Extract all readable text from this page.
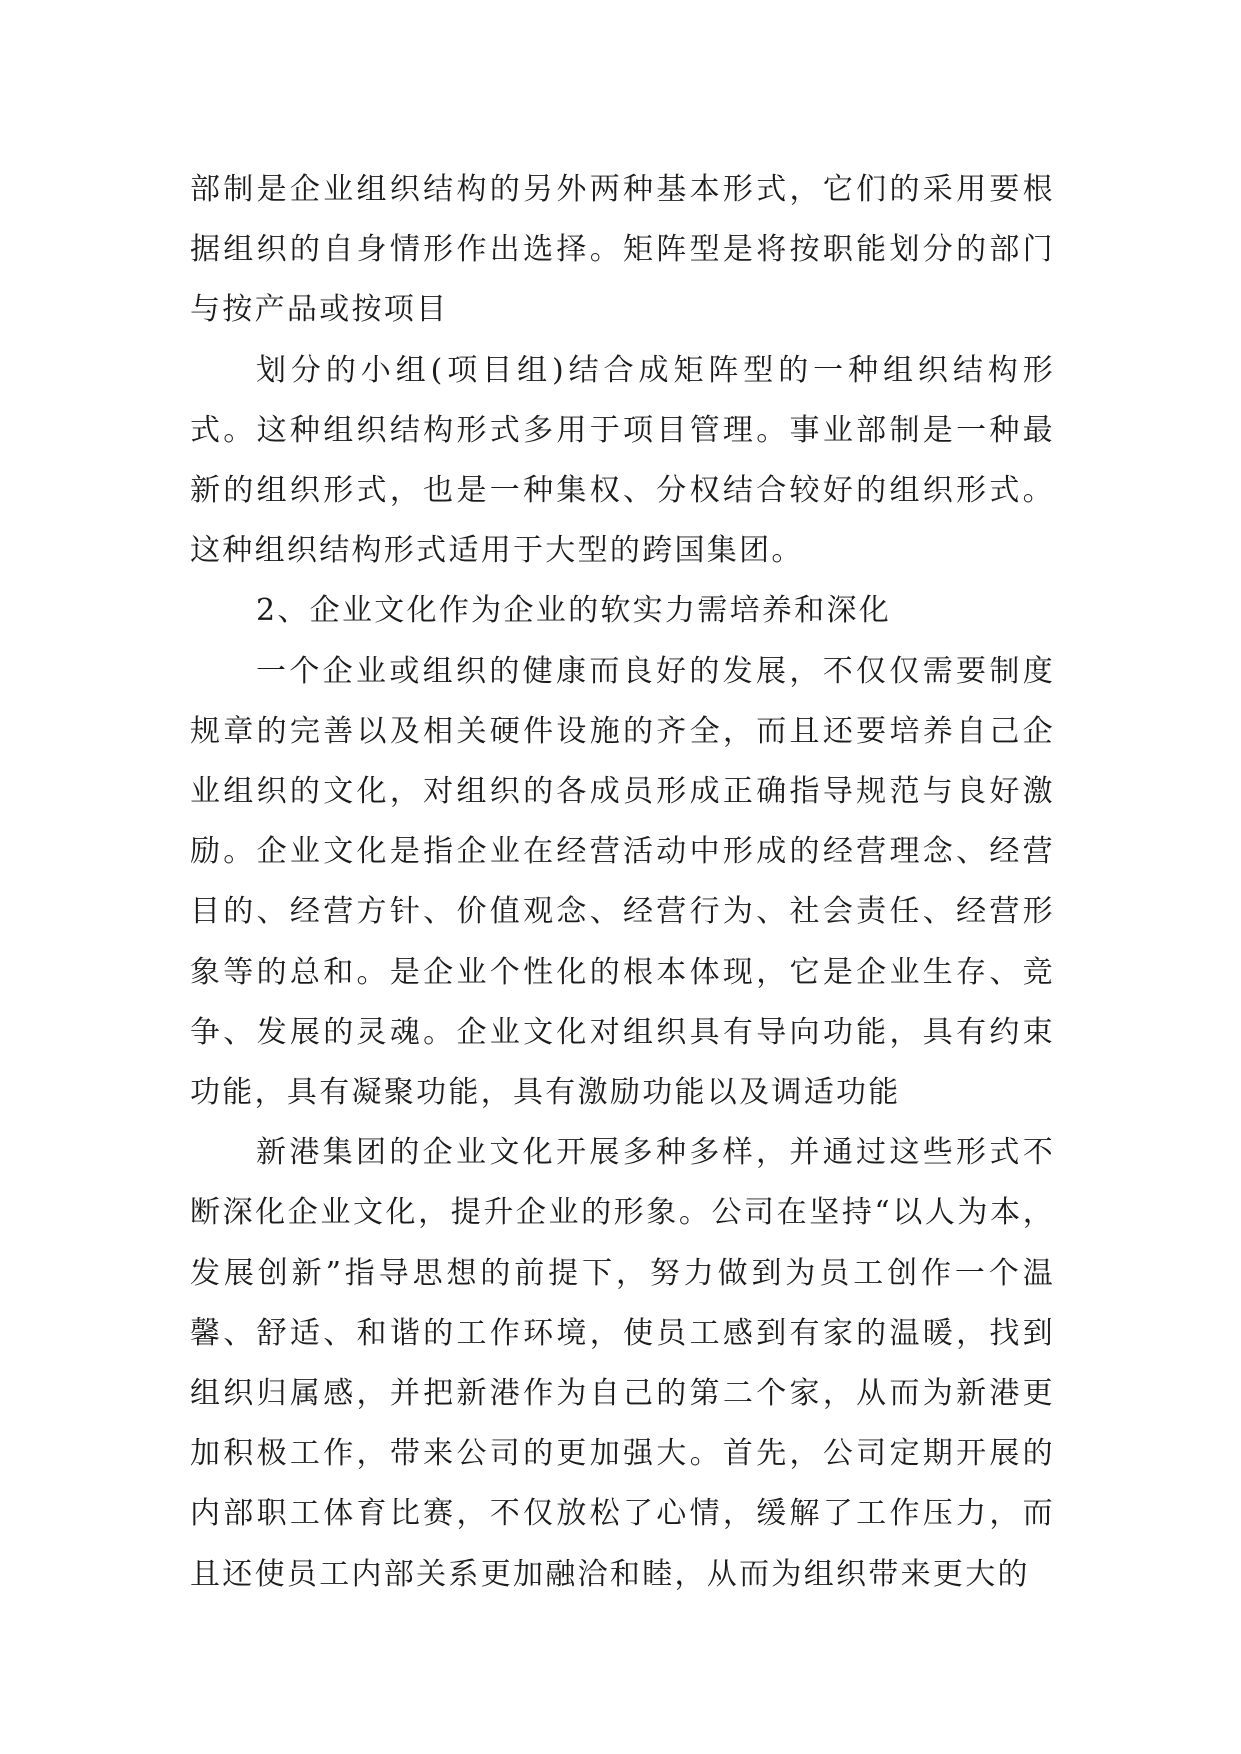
部制是企业组织结构的另外两种基本形式，它们的采用要根据组织的自身情形作出选择。矩阵型是将按职能划分的部门与按产品或按项目

划分的小组(项目组)结合成矩阵型的一种组织结构形式。这种组织结构形式多用于项目管理。事业部制是一种最新的组织形式，也是一种集权、分权结合较好的组织形式。这种组织结构形式适用于大型的跨国集团。

2、企业文化作为企业的软实力需培养和深化

一个企业或组织的健康而良好的发展，不仅仅需要制度规章的完善以及相关硬件设施的齐全，而且还要培养自己企业组织的文化，对组织的各成员形成正确指导规范与良好激励。企业文化是指企业在经营活动中形成的经营理念、经营目的、经营方针、价值观念、经营行为、社会责任、经营形象等的总和。是企业个性化的根本体现，它是企业生存、竞争、发展的灵魂。企业文化对组织具有导向功能，具有约束功能，具有凝聚功能，具有激励功能以及调适功能

新港集团的企业文化开展多种多样，并通过这些形式不断深化企业文化，提升企业的形象。公司在坚持“以人为本，发展创新”指导思想的前提下，努力做到为员工创作一个温馨、舒适、和谐的工作环境，使员工感到有家的温暖，找到组织归属感，并把新港作为自己的第二个家，从而为新港更加积极工作，带来公司的更加强大。首先，公司定期开展的内部职工体育比赛，不仅放松了心情，缓解了工作压力，而且还使员工内部关系更加融洽和睦，从而为组织带来更大的
